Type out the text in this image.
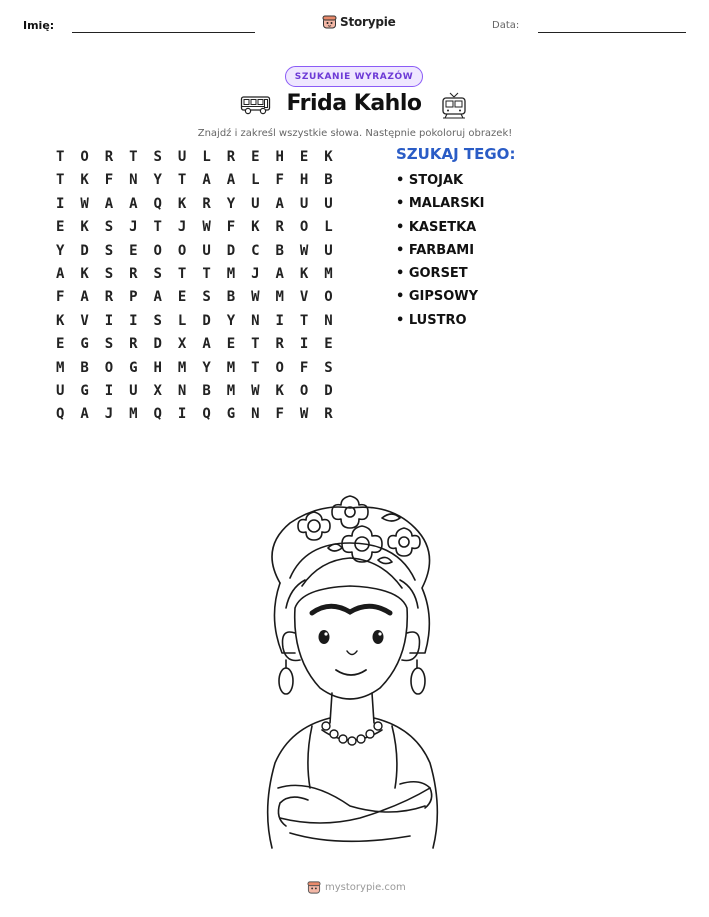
Imię:	Storypie	Data:
SZUKANIE WYRAZÓW
Frida Kahlo
Znajdź i zakreśl wszystkie słowa. Następnie pokoloruj obrazek!
T	O	R	T	S	U	L	R	E	H	E	K
T	K	F	N	Y	T	A	A	L	F	H	B
I	W	A	A	Q	K	R	Y	U	A	U	U
E	K	S	J	T	J	W	F	K	R	O	L
Y	D	S	E	O	O	U	D	C	B	W	U
A	K	S	R	S	T	T	M	J	A	K	M
F	A	R	P	A	E	S	B	W	M	V	O
K	V	I	I	S	L	D	Y	N	I	T	N
E	G	S	R	D	X	A	E	T	R	I	E
M	B	O	G	H	M	Y	M	T	O	F	S
U	G	I	U	X	N	B	M	W	K	O	D
Q	A	J	M	Q	I	Q	G	N	F	W	R
SZUKAJ TEGO:
• STOJAK
• MALARSKI
• KASETKA
• FARBAMI
• GORSET
• GIPSOWY
• LUSTRO
mystorypie.com
